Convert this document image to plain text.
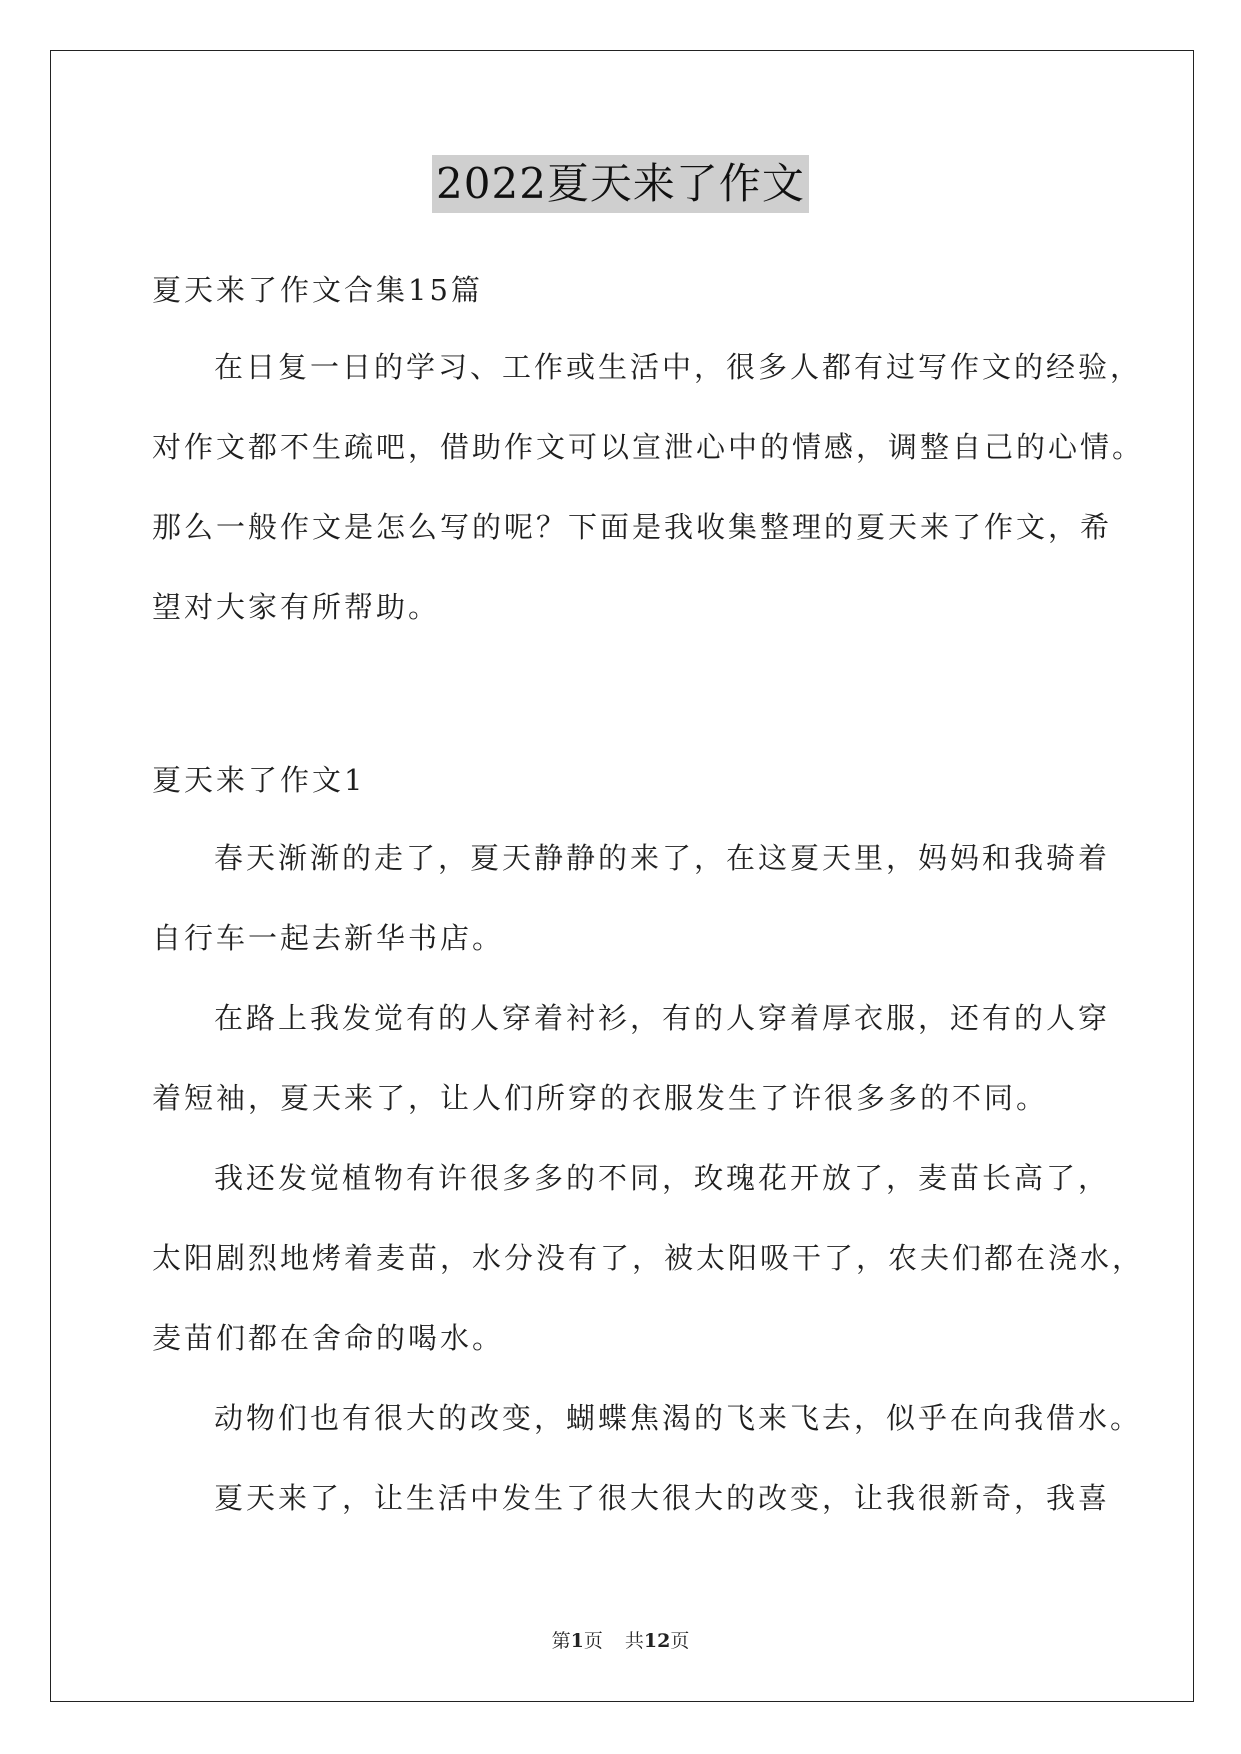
2022夏天来了作文
夏天来了作文合集15篇
在日复一日的学习、工作或生活中，很多人都有过写作文的经验，
对作文都不生疏吧，借助作文可以宣泄心中的情感，调整自己的心情。
那么一般作文是怎么写的呢？下面是我收集整理的夏天来了作文，希
望对大家有所帮助。
夏天来了作文1
春天渐渐的走了，夏天静静的来了，在这夏天里，妈妈和我骑着
自行车一起去新华书店。
在路上我发觉有的人穿着衬衫，有的人穿着厚衣服，还有的人穿
着短袖，夏天来了，让人们所穿的衣服发生了许很多多的不同。
我还发觉植物有许很多多的不同，玫瑰花开放了，麦苗长高了，
太阳剧烈地烤着麦苗，水分没有了，被太阳吸干了，农夫们都在浇水，
麦苗们都在舍命的喝水。
动物们也有很大的改变，蝴蝶焦渴的飞来飞去，似乎在向我借水。
夏天来了，让生活中发生了很大很大的改变，让我很新奇，我喜
第1页 共12页
